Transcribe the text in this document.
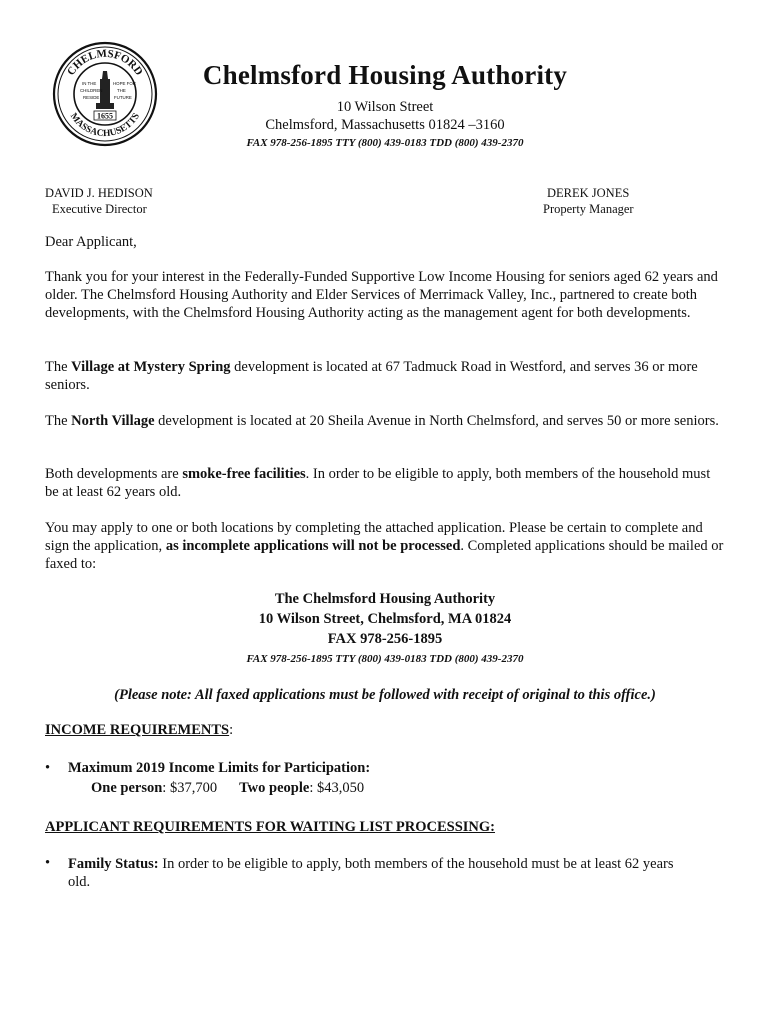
CHELMSFORD
MASSACHUSETTS
IN THE
CHILDREN
RESIDE
HOPE FOR
THE
FUTURE
1655
Chelmsford Housing Authority
10 Wilson Street
Chelmsford, Massachusetts 01824 –3160
FAX 978-256-1895 TTY (800) 439-0183 TDD (800) 439-2370
DAVID J. HEDISON
Executive Director
DEREK JONES
Property Manager
Dear Applicant,
Thank you for your interest in the Federally-Funded Supportive Low Income Housing for seniors aged 62 years and older. The Chelmsford Housing Authority and Elder Services of Merrimack Valley, Inc., partnered to create both developments, with the Chelmsford Housing Authority acting as the management agent for both developments.
The Village at Mystery Spring development is located at 67 Tadmuck Road in Westford, and serves 36 or more seniors.
The North Village development is located at 20 Sheila Avenue in North Chelmsford, and serves 50 or more seniors.
Both developments are smoke-free facilities. In order to be eligible to apply, both members of the household must be at least 62 years old.
You may apply to one or both locations by completing the attached application. Please be certain to complete and sign the application, as incomplete applications will not be processed. Completed applications should be mailed or faxed to:
The Chelmsford Housing Authority
10 Wilson Street, Chelmsford, MA 01824
FAX 978-256-1895
FAX 978-256-1895 TTY (800) 439-0183 TDD (800) 439-2370
(Please note: All faxed applications must be followed with receipt of original to this office.)
INCOME REQUIREMENTS:
• Maximum 2019 Income Limits for Participation:
One person: $37,700 Two people: $43,050
APPLICANT REQUIREMENTS FOR WAITING LIST PROCESSING:
• Family Status: In order to be eligible to apply, both members of the household must be at least 62 years old.
